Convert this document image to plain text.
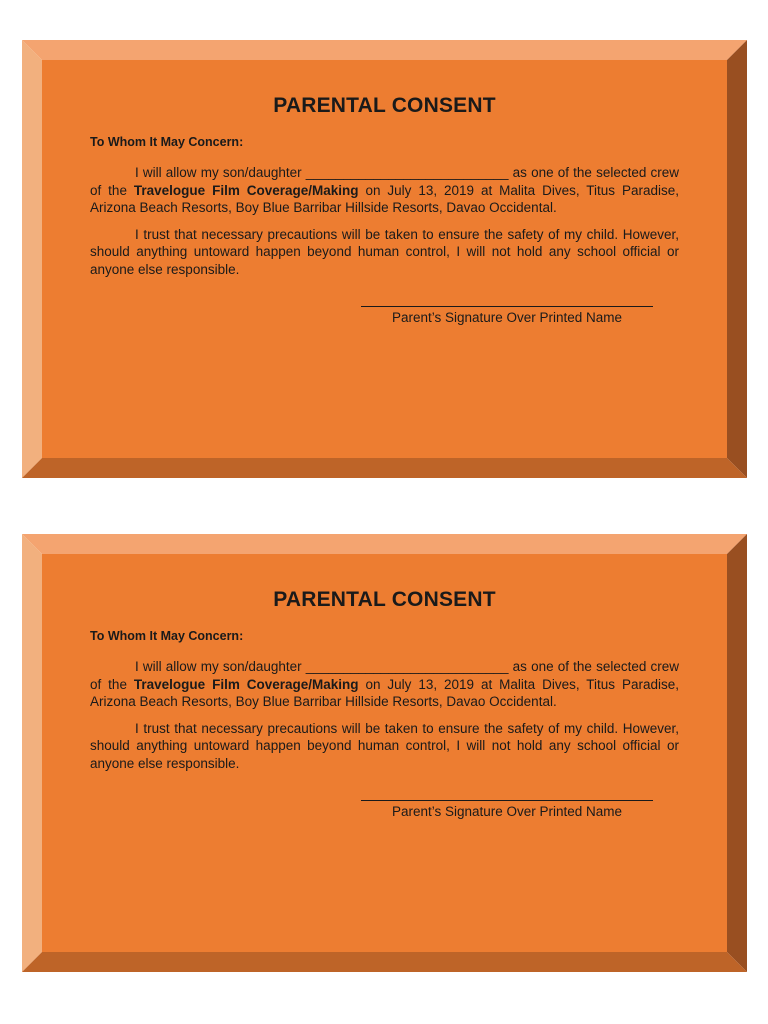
PARENTAL CONSENT
To Whom It May Concern:

I will allow my son/daughter ___________________________ as one of the selected crew of the Travelogue Film Coverage/Making on July 13, 2019 at Malita Dives, Titus Paradise, Arizona Beach Resorts, Boy Blue Barribar Hillside Resorts, Davao Occidental.

I trust that necessary precautions will be taken to ensure the safety of my child. However, should anything untoward happen beyond human control, I will not hold any school official or anyone else responsible.

Parent’s Signature Over Printed Name
PARENTAL CONSENT
To Whom It May Concern:

I will allow my son/daughter ___________________________ as one of the selected crew of the Travelogue Film Coverage/Making on July 13, 2019 at Malita Dives, Titus Paradise, Arizona Beach Resorts, Boy Blue Barribar Hillside Resorts, Davao Occidental.

I trust that necessary precautions will be taken to ensure the safety of my child. However, should anything untoward happen beyond human control, I will not hold any school official or anyone else responsible.

Parent’s Signature Over Printed Name
